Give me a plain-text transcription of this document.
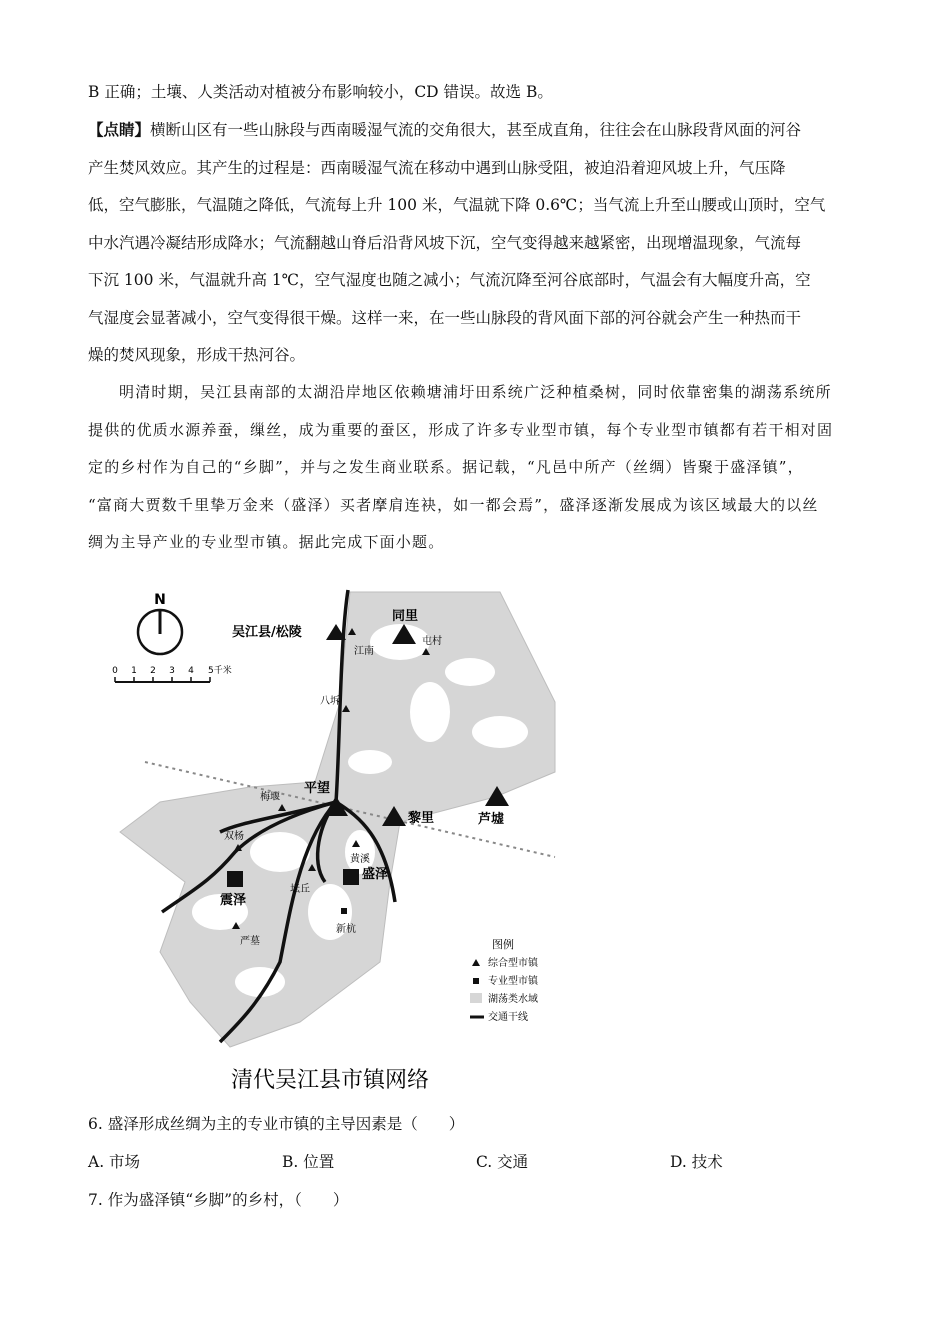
B 正确；土壤、人类活动对植被分布影响较小，CD 错误。故选 B。
【点睛】横断山区有一些山脉段与西南暖湿气流的交角很大，甚至成直角，往往会在山脉段背风面的河谷
产生焚风效应。其产生的过程是：西南暖湿气流在移动中遇到山脉受阻，被迫沿着迎风坡上升，气压降
低，空气膨胀，气温随之降低，气流每上升 100 米，气温就下降 0.6℃；当气流上升至山腰或山顶时，空气
中水汽遇冷凝结形成降水；气流翻越山脊后沿背风坡下沉，空气变得越来越紧密，出现增温现象，气流每
下沉 100 米，气温就升高 1℃，空气湿度也随之减小；气流沉降至河谷底部时，气温会有大幅度升高，空
气湿度会显著减小，空气变得很干燥。这样一来，在一些山脉段的背风面下部的河谷就会产生一种热而干
燥的焚风现象，形成干热河谷。
明清时期，吴江县南部的太湖沿岸地区依赖塘浦圩田系统广泛种植桑树，同时依靠密集的湖荡系统所
提供的优质水源养蚕，缫丝，成为重要的蚕区，形成了许多专业型市镇，每个专业型市镇都有若干相对固
定的乡村作为自己的“乡脚”，并与之发生商业联系。据记载，“凡邑中所产（丝绸）皆聚于盛泽镇”，
“富商大贾数千里挚万金来（盛泽）买者摩肩连袂，如一都会焉”，盛泽逐渐发展成为该区域最大的以丝
绸为主导产业的专业型市镇。据此完成下面小题。
N
0 1 2 3 4 5千米
吴江县/松陵
同里
平望
黎里	芦墟
江南
屯村
八坼
梅堰
双杨
坛丘
黄溪
严墓
震泽
盛泽
新杭
图例
综合型市镇
专业型市镇
湖荡类水域
交通干线
清代吴江县市镇网络
6. 盛泽形成丝绸为主的专业市镇的主导因素是（　　）
A. 市场	B. 位置	C. 交通	D. 技术
7. 作为盛泽镇“乡脚”的乡村，（　　）
